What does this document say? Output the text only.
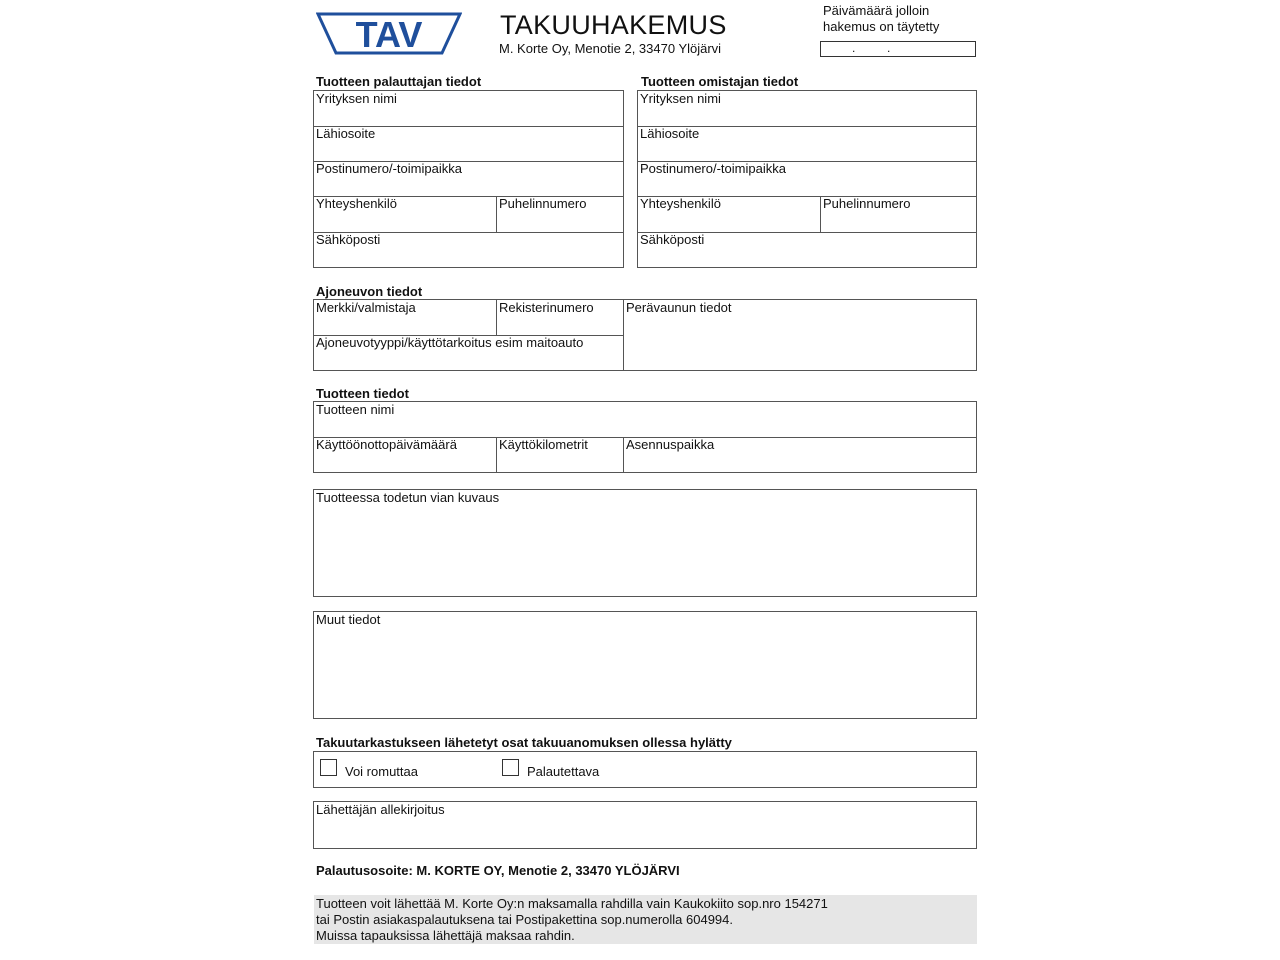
TAV	TAKUUHAKEMUS
M. Korte Oy, Menotie 2, 33470 Ylöjärvi
Päivämäärä jolloin
hakemus on täytetty
.	.
Tuotteen palauttajan tiedot
Yrityksen nimi
Lähiosoite
Postinumero/-toimipaikka
Yhteyshenkilö	Puhelinnumero
Sähköposti
Tuotteen omistajan tiedot
Yrityksen nimi
Lähiosoite
Postinumero/-toimipaikka
Yhteyshenkilö	Puhelinnumero
Sähköposti
Ajoneuvon tiedot
Merkki/valmistaja	Rekisterinumero	Perävaunun tiedot
Ajoneuvotyyppi/käyttötarkoitus esim maitoauto
Tuotteen tiedot
Tuotteen nimi
Käyttöönottopäivämäärä	Käyttökilometrit	Asennuspaikka
Tuotteessa todetun vian kuvaus
Muut tiedot
Takuutarkastukseen lähetetyt osat takuuanomuksen ollessa hylätty
Voi romuttaa	Palautettava
Lähettäjän allekirjoitus
Palautusosoite: M. KORTE OY, Menotie 2, 33470 YLÖJÄRVI
Tuotteen voit lähettää M. Korte Oy:n maksamalla rahdilla vain Kaukokiito sop.nro 154271
tai Postin asiakaspalautuksena tai Postipakettina sop.numerolla 604994.
Muissa tapauksissa lähettäjä maksaa rahdin.
